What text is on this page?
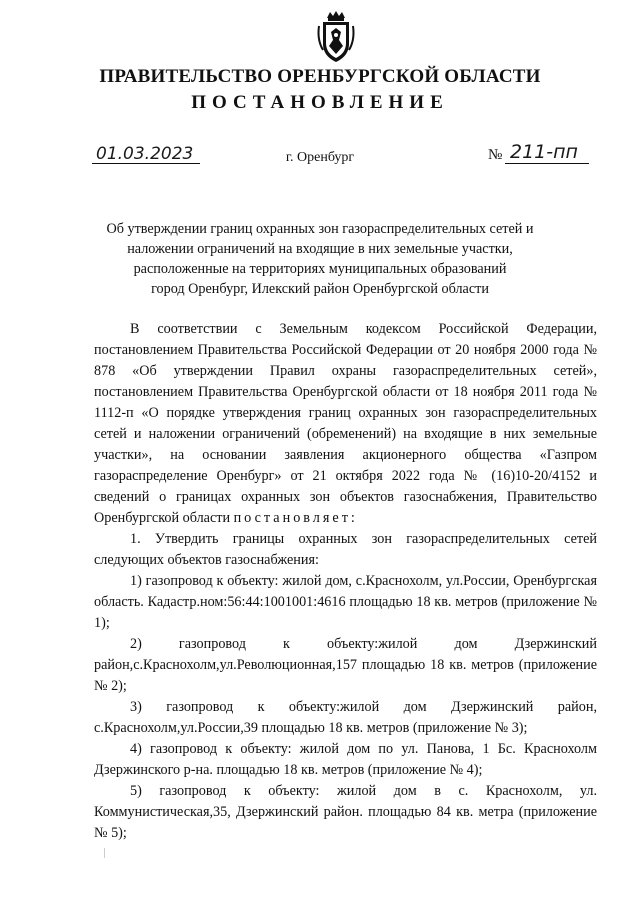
ПРАВИТЕЛЬСТВО ОРЕНБУРГСКОЙ ОБЛАСТИ
ПОСТАНОВЛЕНИЕ
01.03.2023	г. Оренбург	№ 211-пп
Об утверждении границ охранных зон газораспределительных сетей и
наложении ограничений на входящие в них земельные участки,
расположенные на территориях муниципальных образований
город Оренбург, Илекский район Оренбургской области

В соответствии с Земельным кодексом Российской Федерации, постановлением Правительства Российской Федерации от 20 ноября 2000 года № 878 «Об утверждении Правил охраны газораспределительных сетей», постановлением Правительства Оренбургской области от 18 ноября 2011 года № 1112-п «О порядке утверждения границ охранных зон газораспределительных сетей и наложении ограничений (обременений) на входящие в них земельные участки», на основании заявления акционерного общества «Газпром газораспределение Оренбург» от 21 октября 2022 года № (16)10-20/4152 и сведений о границах охранных зон объектов газоснабжения, Правительство Оренбургской области постановляет:

1. Утвердить границы охранных зон газораспределительных сетей следующих объектов газоснабжения:

1) газопровод к объекту: жилой дом, с.Краснохолм, ул.России, Оренбургская область. Кадастр.ном:56:44:1001001:4616 площадью 18 кв. метров (приложение № 1);

2) газопровод к объекту:жилой дом Дзержинский район,с.Краснохолм,ул.Революционная,157 площадью 18 кв. метров (приложение № 2);

3) газопровод к объекту:жилой дом Дзержинский район, с.Краснохолм,ул.России,39 площадью 18 кв. метров (приложение № 3);

4) газопровод к объекту: жилой дом по ул. Панова, 1 Бс. Краснохолм Дзержинского р-на. площадью 18 кв. метров (приложение № 4);

5) газопровод к объекту: жилой дом в с. Краснохолм, ул. Коммунистическая,35, Дзержинский район. площадью 84 кв. метра (приложение № 5);
